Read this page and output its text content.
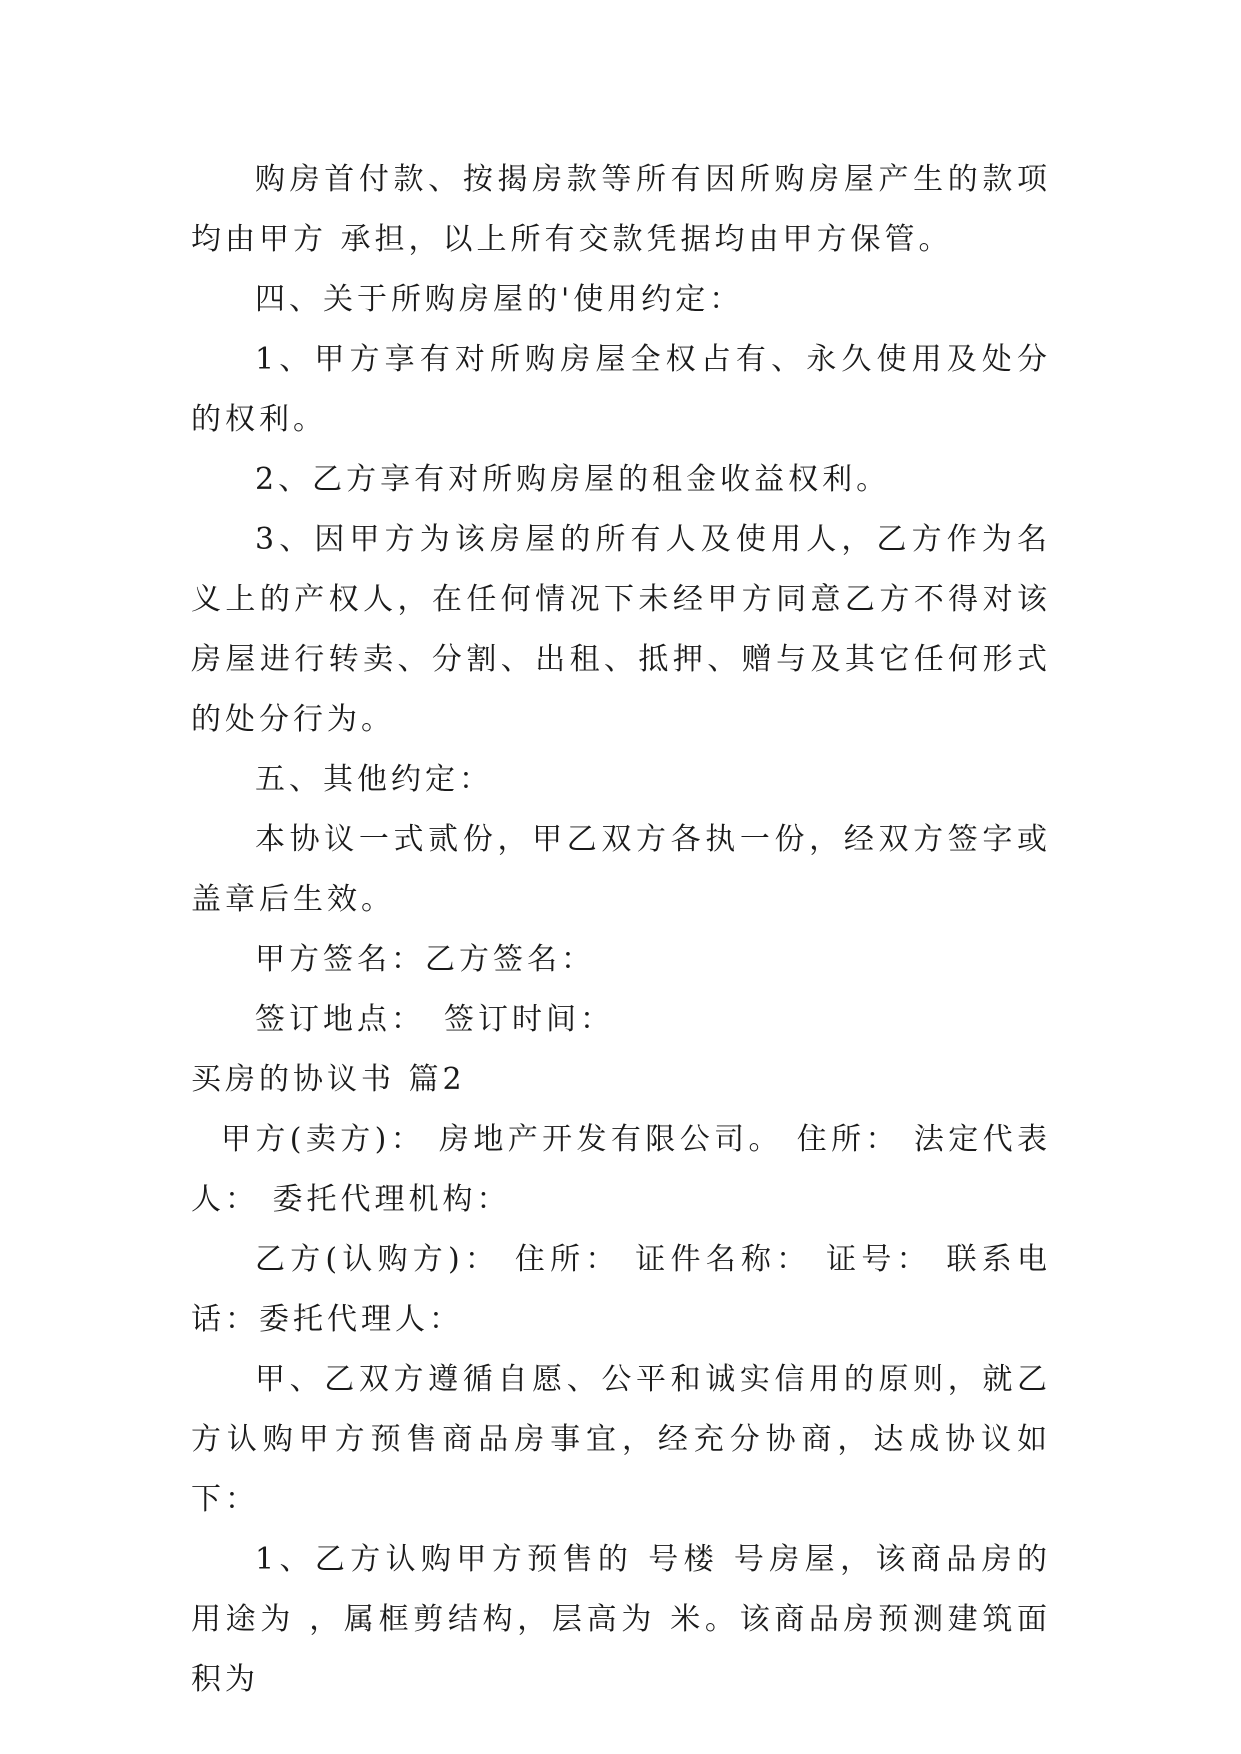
购房首付款、按揭房款等所有因所购房屋产生的款项均由甲方 承担，以上所有交款凭据均由甲方保管。

四、关于所购房屋的'使用约定：

1、甲方享有对所购房屋全权占有、永久使用及处分的权利。

2、乙方享有对所购房屋的租金收益权利。

3、因甲方为该房屋的所有人及使用人，乙方作为名义上的产权人，在任何情况下未经甲方同意乙方不得对该房屋进行转卖、分割、出租、抵押、赠与及其它任何形式的处分行为。

五、其他约定：

本协议一式贰份，甲乙双方各执一份，经双方签字或盖章后生效。

甲方签名：乙方签名：

签订地点：　签订时间：

买房的协议书 篇2

甲方(卖方)： 房地产开发有限公司。 住所： 法定代表人： 委托代理机构：

乙方(认购方)： 住所： 证件名称： 证号： 联系电话：委托代理人：

甲、乙双方遵循自愿、公平和诚实信用的原则，就乙方认购甲方预售商品房事宜，经充分协商，达成协议如下：

1、乙方认购甲方预售的 号楼 号房屋，该商品房的用途为 ，属框剪结构，层高为 米。该商品房预测建筑面积为
